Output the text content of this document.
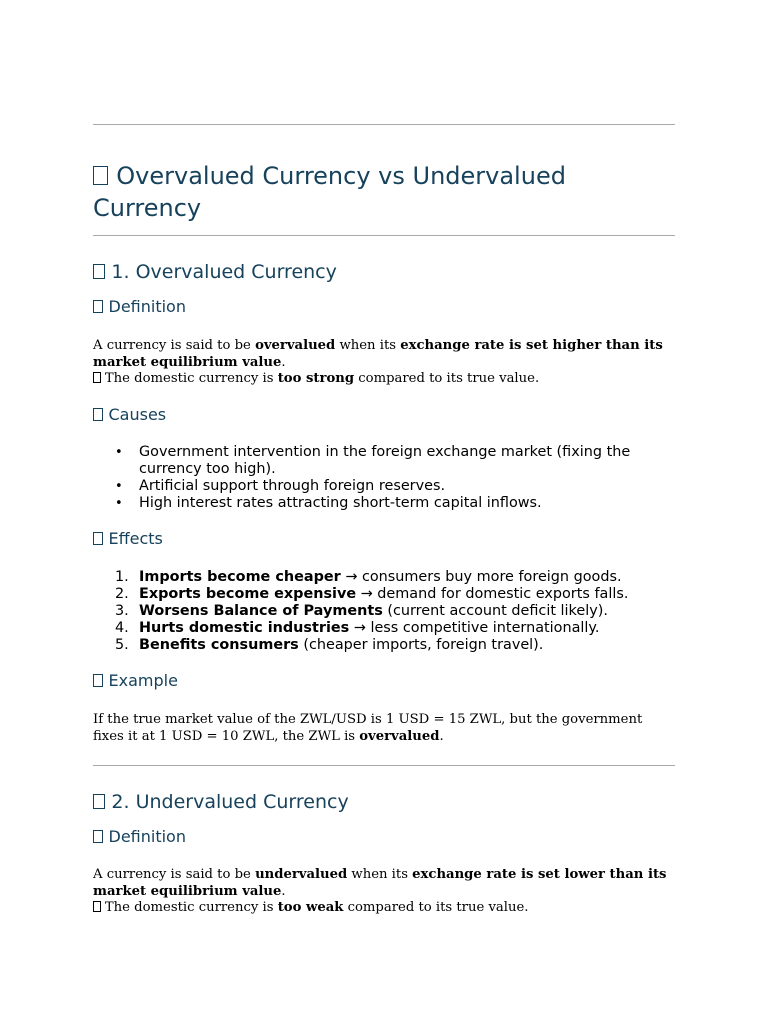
Overvalued Currency vs Undervalued Currency
1. Overvalued Currency
Definition

A currency is said to be overvalued when its exchange rate is set higher than its market equilibrium value.
The domestic currency is too strong compared to its true value.

Causes
• Government intervention in the foreign exchange market (fixing the currency too high).
• Artificial support through foreign reserves.
• High interest rates attracting short-term capital inflows.
Effects
1. Imports become cheaper → consumers buy more foreign goods.
2. Exports become expensive → demand for domestic exports falls.
3. Worsens Balance of Payments (current account deficit likely).
4. Hurts domestic industries → less competitive internationally.
5. Benefits consumers (cheaper imports, foreign travel).
Example

If the true market value of the ZWL/USD is 1 USD = 15 ZWL, but the government fixes it at 1 USD = 10 ZWL, the ZWL is overvalued.

2. Undervalued Currency
Definition

A currency is said to be undervalued when its exchange rate is set lower than its market equilibrium value.
The domestic currency is too weak compared to its true value.
